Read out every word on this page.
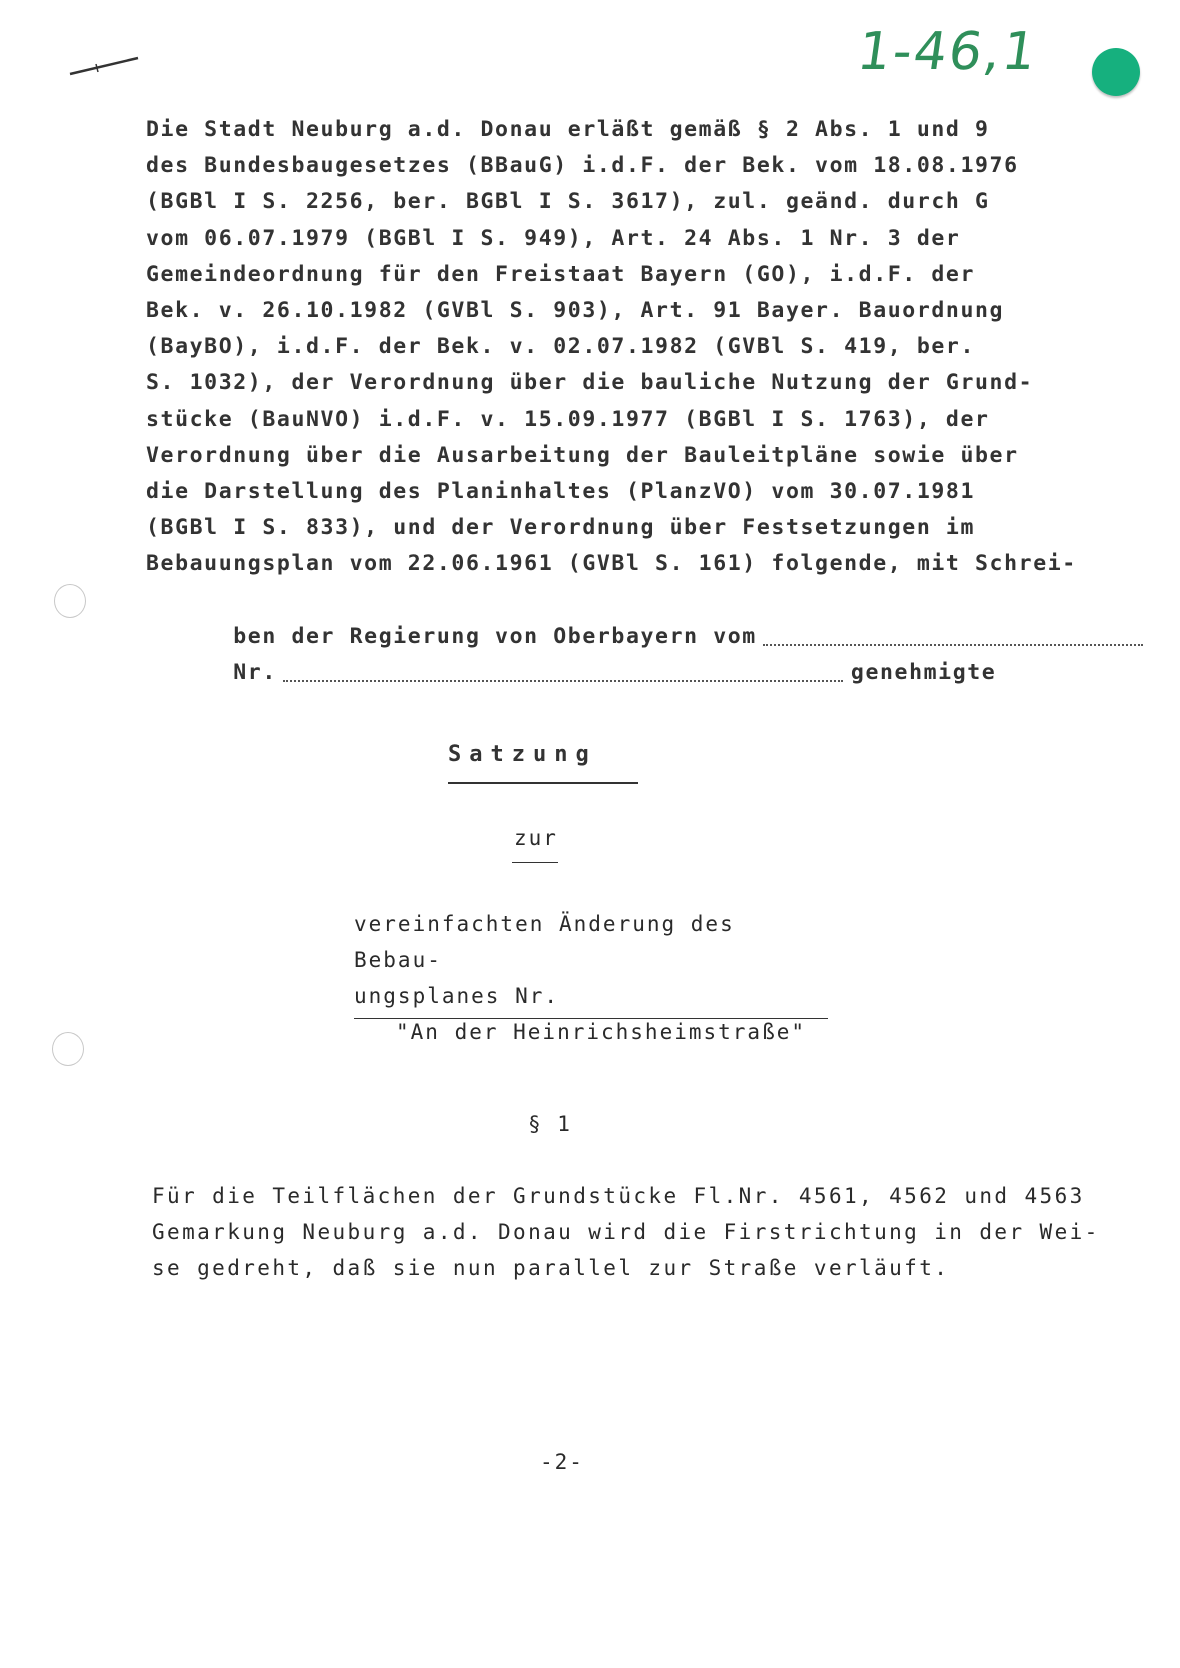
1-46,1
Die Stadt Neuburg a.d. Donau erläßt gemäß § 2 Abs. 1 und 9
des Bundesbaugesetzes (BBauG) i.d.F. der Bek. vom 18.08.1976
(BGBl I S. 2256, ber. BGBl I S. 3617), zul. geänd. durch G
vom 06.07.1979 (BGBl I S. 949), Art. 24 Abs. 1 Nr. 3 der
Gemeindeordnung für den Freistaat Bayern (GO), i.d.F. der
Bek. v. 26.10.1982 (GVBl S. 903), Art. 91 Bayer. Bauordnung
(BayBO), i.d.F. der Bek. v. 02.07.1982 (GVBl S. 419, ber.
S. 1032), der Verordnung über die bauliche Nutzung der Grund-
stücke (BauNVO) i.d.F. v. 15.09.1977 (BGBl I S. 1763), der
Verordnung über die Ausarbeitung der Bauleitpläne sowie über
die Darstellung des Planinhaltes (PlanzVO) vom 30.07.1981
(BGBl I S. 833), und der Verordnung über Festsetzungen im
Bebauungsplan vom 22.06.1961 (GVBl S. 161) folgende, mit Schrei-

ben der Regierung von Oberbayern vom

Nr.	genehmigte

Satzung
zur
vereinfachten Änderung des Bebau-
ungsplanes Nr.
"An der Heinrichsheimstraße"
§ 1
Für die Teilflächen der Grundstücke Fl.Nr. 4561, 4562 und 4563
Gemarkung Neuburg a.d. Donau wird die Firstrichtung in der Wei-
se gedreht, daß sie nun parallel zur Straße verläuft.
-2-
